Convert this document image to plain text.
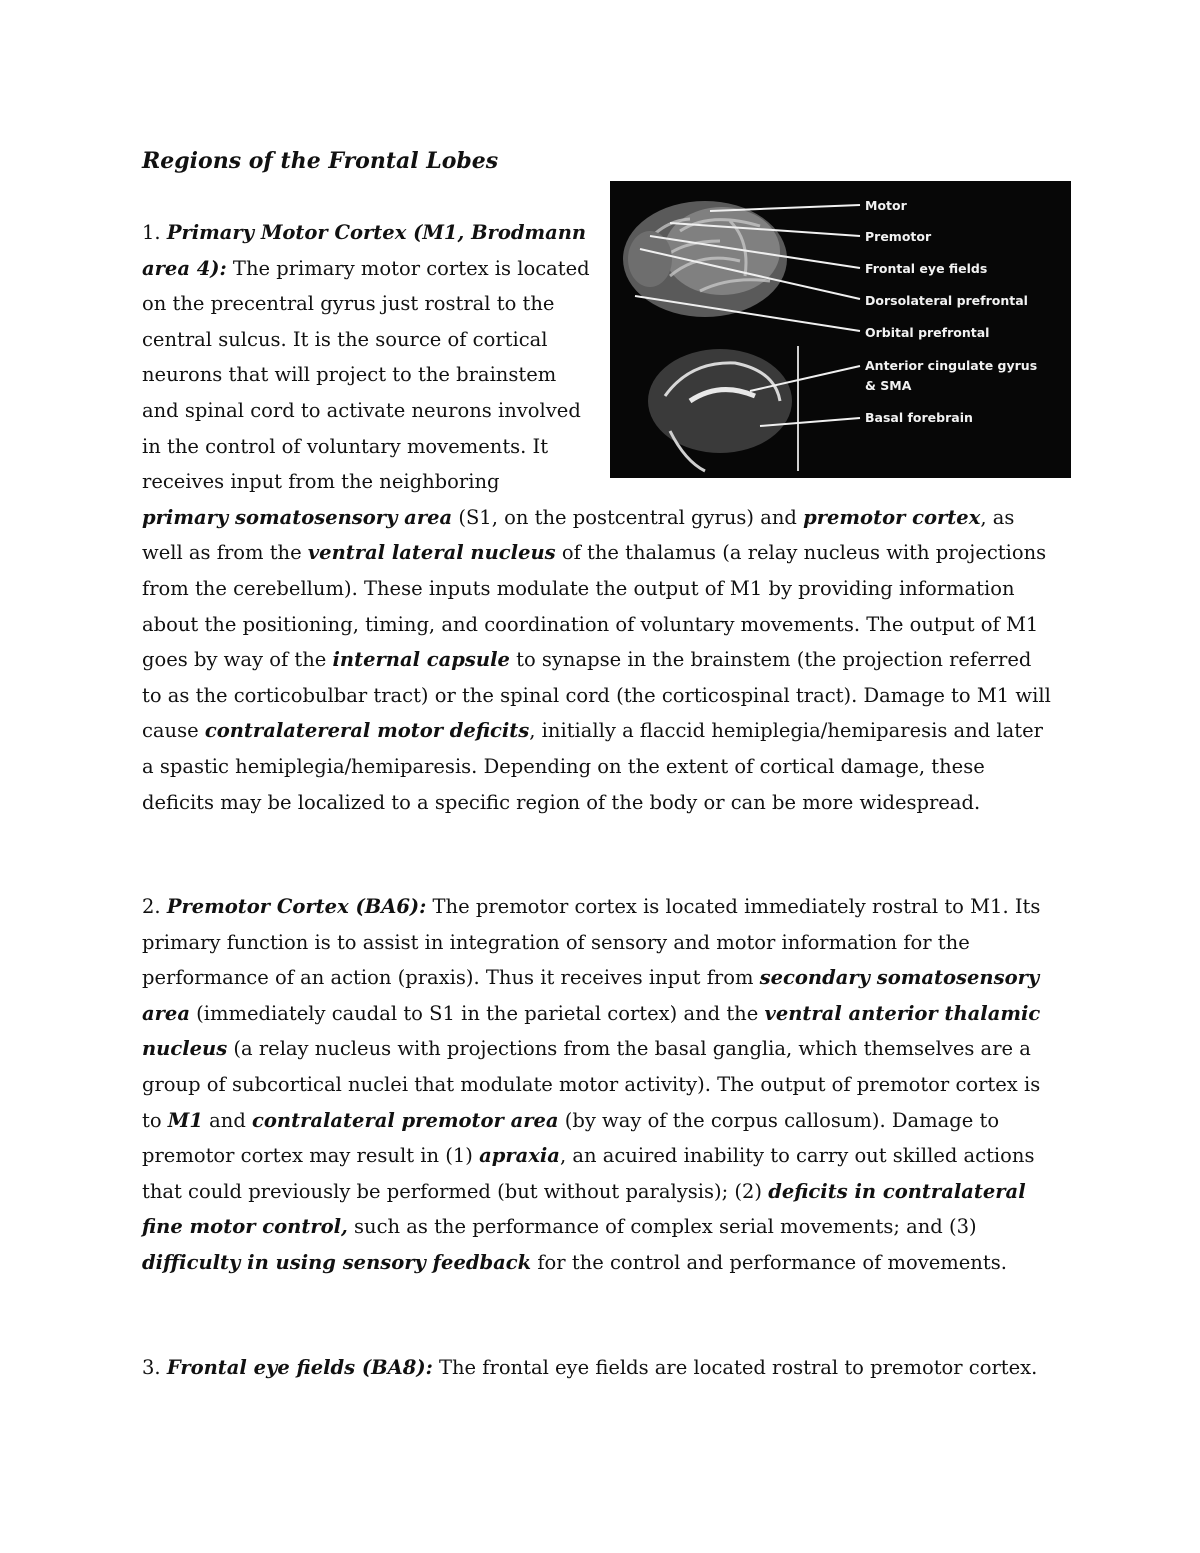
Regions of the Frontal Lobes

Motor
Premotor
Frontal eye fields
Dorsolateral prefrontal
Orbital prefrontal
Anterior cingulate gyrus
& SMA
Basal forebrain
1. Primary Motor Cortex (M1, Brodmann area 4): The primary motor cortex is located on the precentral gyrus just rostral to the central sulcus. It is the source of cortical neurons that will project to the brainstem and spinal cord to activate neurons involved in the control of voluntary movements. It receives input from the neighboring primary somatosensory area (S1, on the postcentral gyrus) and premotor cortex, as well as from the ventral lateral nucleus of the thalamus (a relay nucleus with projections from the cerebellum). These inputs modulate the output of M1 by providing information about the positioning, timing, and coordination of voluntary movements. The output of M1 goes by way of the internal capsule to synapse in the brainstem (the projection referred to as the corticobulbar tract) or the spinal cord (the corticospinal tract). Damage to M1 will cause contralatereral motor deficits, initially a flaccid hemiplegia/hemiparesis and later a spastic hemiplegia/hemiparesis. Depending on the extent of cortical damage, these deficits may be localized to a specific region of the body or can be more widespread.

2. Premotor Cortex (BA6): The premotor cortex is located immediately rostral to M1. Its primary function is to assist in integration of sensory and motor information for the performance of an action (praxis). Thus it receives input from secondary somatosensory area (immediately caudal to S1 in the parietal cortex) and the ventral anterior thalamic nucleus (a relay nucleus with projections from the basal ganglia, which themselves are a group of subcortical nuclei that modulate motor activity). The output of premotor cortex is to M1 and contralateral premotor area (by way of the corpus callosum). Damage to premotor cortex may result in (1) apraxia, an acuired inability to carry out skilled actions that could previously be performed (but without paralysis); (2) deficits in contralateral fine motor control, such as the performance of complex serial movements; and (3) difficulty in using sensory feedback for the control and performance of movements.

3. Frontal eye fields (BA8): The frontal eye fields are located rostral to premotor cortex.
